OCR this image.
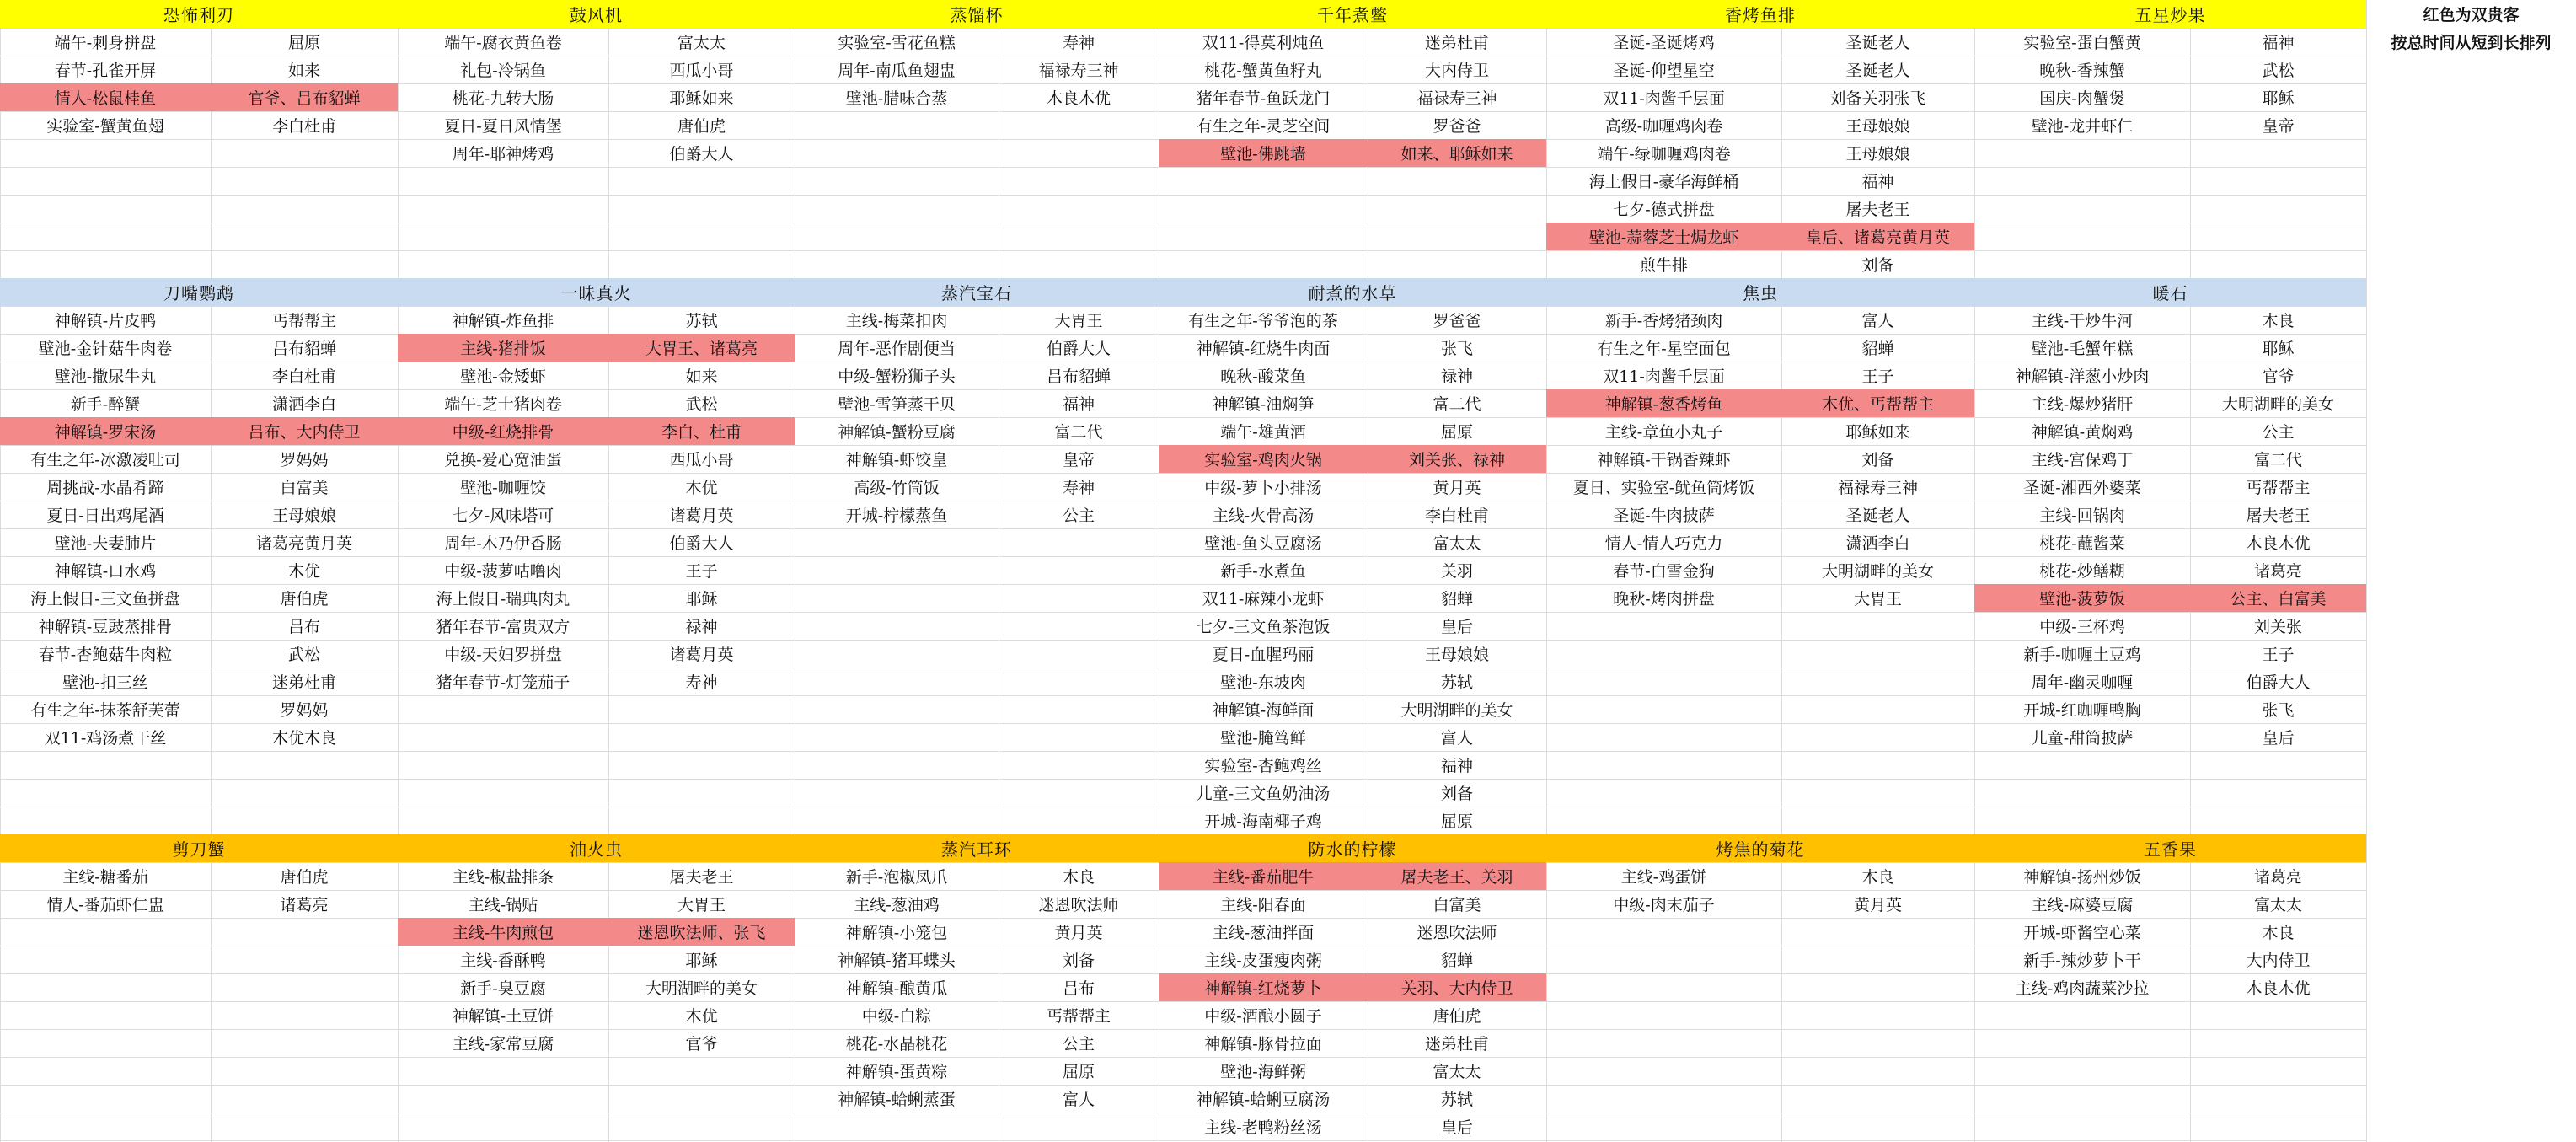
恐怖利刃
端午-刺身拼盘	屈原
春节-孔雀开屏	如来
情人-松鼠桂鱼	官爷、吕布貂蝉
实验室-蟹黄鱼翅	李白杜甫
鼓风机
端午-腐衣黄鱼卷	富太太
礼包-冷锅鱼	西瓜小哥
桃花-九转大肠	耶稣如来
夏日-夏日风情堡	唐伯虎
周年-耶神烤鸡	伯爵大人
蒸馏杯
实验室-雪花鱼糕	寿神
周年-南瓜鱼翅盅	福禄寿三神
壁池-腊味合蒸	木良木优
千年煮鳖
双11-得莫利炖鱼	迷弟杜甫
桃花-蟹黄鱼籽丸	大内侍卫
猪年春节-鱼跃龙门	福禄寿三神
有生之年-灵芝空间	罗爸爸
壁池-佛跳墙	如来、耶稣如来
香烤鱼排
圣诞-圣诞烤鸡	圣诞老人
圣诞-仰望星空	圣诞老人
双11-肉酱千层面	刘备关羽张飞
高级-咖喱鸡肉卷	王母娘娘
端午-绿咖喱鸡肉卷	王母娘娘
海上假日-豪华海鲜桶	福神
七夕-德式拼盘	屠夫老王
壁池-蒜蓉芝士焗龙虾	皇后、诸葛亮黄月英
煎牛排	刘备
五星炒果
实验室-蛋白蟹黄	福神
晚秋-香辣蟹	武松
国庆-肉蟹煲	耶稣
壁池-龙井虾仁	皇帝
刀嘴鹦鹉
神解镇-片皮鸭	丐帮帮主
壁池-金针菇牛肉卷	吕布貂蝉
壁池-撒尿牛丸	李白杜甫
新手-醉蟹	潇洒李白
神解镇-罗宋汤	吕布、大内侍卫
有生之年-冰激凌吐司	罗妈妈
周挑战-水晶肴蹄	白富美
夏日-日出鸡尾酒	王母娘娘
壁池-夫妻肺片	诸葛亮黄月英
神解镇-口水鸡	木优
海上假日-三文鱼拼盘	唐伯虎
神解镇-豆豉蒸排骨	吕布
春节-杏鲍菇牛肉粒	武松
壁池-扣三丝	迷弟杜甫
有生之年-抹茶舒芙蕾	罗妈妈
双11-鸡汤煮干丝	木优木良
一昧真火
神解镇-炸鱼排	苏轼
主线-猪排饭	大胃王、诸葛亮
壁池-金矮虾	如来
端午-芝士猪肉卷	武松
中级-红烧排骨	李白、杜甫
兑换-爱心宽油蛋	西瓜小哥
壁池-咖喱饺	木优
七夕-风味塔可	诸葛月英
周年-木乃伊香肠	伯爵大人
中级-菠萝咕噜肉	王子
海上假日-瑞典肉丸	耶稣
猪年春节-富贵双方	禄神
中级-天妇罗拼盘	诸葛月英
猪年春节-灯笼茄子	寿神
蒸汽宝石
主线-梅菜扣肉	大胃王
周年-恶作剧便当	伯爵大人
中级-蟹粉狮子头	吕布貂蝉
壁池-雪笋蒸干贝	福神
神解镇-蟹粉豆腐	富二代
神解镇-虾饺皇	皇帝
高级-竹筒饭	寿神
开城-柠檬蒸鱼	公主
耐煮的水草
有生之年-爷爷泡的茶	罗爸爸
神解镇-红烧牛肉面	张飞
晚秋-酸菜鱼	禄神
神解镇-油焖笋	富二代
端午-雄黄酒	屈原
实验室-鸡肉火锅	刘关张、禄神
中级-萝卜小排汤	黄月英
主线-火骨高汤	李白杜甫
壁池-鱼头豆腐汤	富太太
新手-水煮鱼	关羽
双11-麻辣小龙虾	貂蝉
七夕-三文鱼茶泡饭	皇后
夏日-血腥玛丽	王母娘娘
壁池-东坡肉	苏轼
神解镇-海鲜面	大明湖畔的美女
壁池-腌笃鲜	富人
实验室-杏鲍鸡丝	福神
儿童-三文鱼奶油汤	刘备
开城-海南椰子鸡	屈原
焦虫
新手-香烤猪颈肉	富人
有生之年-星空面包	貂蝉
双11-肉酱千层面	王子
神解镇-葱香烤鱼	木优、丐帮帮主
主线-章鱼小丸子	耶稣如来
神解镇-干锅香辣虾	刘备
夏日、实验室-鱿鱼筒烤饭	福禄寿三神
圣诞-牛肉披萨	圣诞老人
情人-情人巧克力	潇洒李白
春节-白雪金狗	大明湖畔的美女
晚秋-烤肉拼盘	大胃王
暖石
主线-干炒牛河	木良
壁池-毛蟹年糕	耶稣
神解镇-洋葱小炒肉	官爷
主线-爆炒猪肝	大明湖畔的美女
神解镇-黄焖鸡	公主
主线-宫保鸡丁	富二代
圣诞-湘西外婆菜	丐帮帮主
主线-回锅肉	屠夫老王
桃花-蘸酱菜	木良木优
桃花-炒鳝糊	诸葛亮
壁池-菠萝饭	公主、白富美
中级-三杯鸡	刘关张
新手-咖喱土豆鸡	王子
周年-幽灵咖喱	伯爵大人
开城-红咖喱鸭胸	张飞
儿童-甜筒披萨	皇后
剪刀蟹
主线-糖番茄	唐伯虎
情人-番茄虾仁盅	诸葛亮
油火虫
主线-椒盐排条	屠夫老王
主线-锅贴	大胃王
主线-牛肉煎包	迷恩吹法师、张飞
主线-香酥鸭	耶稣
新手-臭豆腐	大明湖畔的美女
神解镇-土豆饼	木优
主线-家常豆腐	官爷
蒸汽耳环
新手-泡椒凤爪	木良
主线-葱油鸡	迷恩吹法师
神解镇-小笼包	黄月英
神解镇-猪耳蝶头	刘备
神解镇-酿黄瓜	吕布
中级-白粽	丐帮帮主
桃花-水晶桃花	公主
神解镇-蛋黄粽	屈原
神解镇-蛤蜊蒸蛋	富人
防水的柠檬
主线-番茄肥牛	屠夫老王、关羽
主线-阳春面	白富美
主线-葱油拌面	迷恩吹法师
主线-皮蛋瘦肉粥	貂蝉
神解镇-红烧萝卜	关羽、大内侍卫
中级-酒酿小圆子	唐伯虎
神解镇-豚骨拉面	迷弟杜甫
壁池-海鲜粥	富太太
神解镇-蛤蜊豆腐汤	苏轼
主线-老鸭粉丝汤	皇后
烤焦的菊花
主线-鸡蛋饼	木良
中级-肉末茄子	黄月英
五香果
神解镇-扬州炒饭	诸葛亮
主线-麻婆豆腐	富太太
开城-虾酱空心菜	木良
新手-辣炒萝卜干	大内侍卫
主线-鸡肉蔬菜沙拉	木良木优
红色为双贵客
按总时间从短到长排列
